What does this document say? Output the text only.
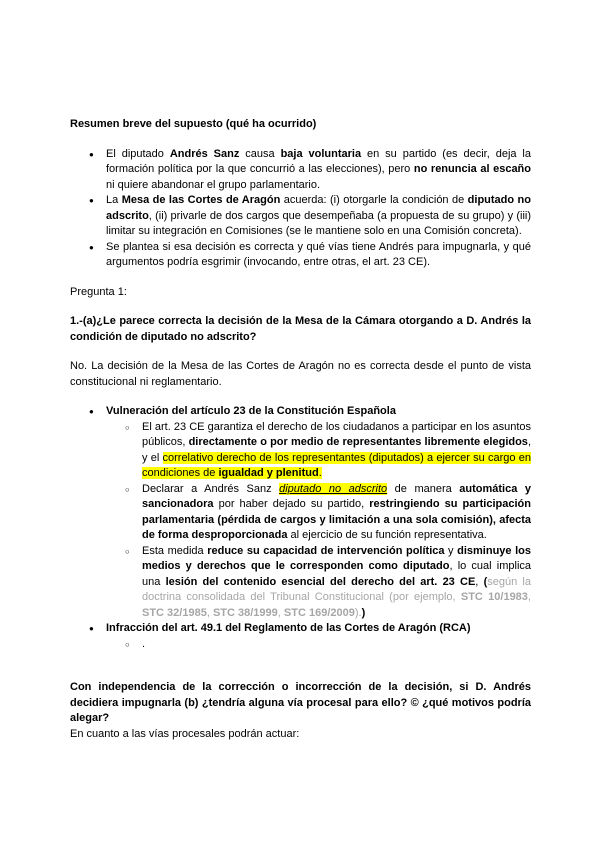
Resumen breve del supuesto (qué ha ocurrido)
● El diputado Andrés Sanz causa baja voluntaria en su partido (es decir, deja la formación política por la que concurrió a las elecciones), pero no renuncia al escaño ni quiere abandonar el grupo parlamentario.
● La Mesa de las Cortes de Aragón acuerda: (i) otorgarle la condición de diputado no adscrito, (ii) privarle de dos cargos que desempeñaba (a propuesta de su grupo) y (iii) limitar su integración en Comisiones (se le mantiene solo en una Comisión concreta).
● Se plantea si esa decisión es correcta y qué vías tiene Andrés para impugnarla, y qué argumentos podría esgrimir (invocando, entre otras, el art. 23 CE).
Pregunta 1:
1.-(a)¿Le parece correcta la decisión de la Mesa de la Cámara otorgando a D. Andrés la condición de diputado no adscrito?
No. La decisión de la Mesa de las Cortes de Aragón no es correcta desde el punto de vista constitucional ni reglamentario.
● Vulneración del artículo 23 de la Constitución Española
○ El art. 23 CE garantiza el derecho de los ciudadanos a participar en los asuntos públicos, directamente o por medio de representantes libremente elegidos, y el correlativo derecho de los representantes (diputados) a ejercer su cargo en condiciones de igualdad y plenitud.
○ Declarar a Andrés Sanz diputado no adscrito de manera automática y sancionadora por haber dejado su partido, restringiendo su participación parlamentaria (pérdida de cargos y limitación a una sola comisión), afecta de forma desproporcionada al ejercicio de su función representativa.
○ Esta medida reduce su capacidad de intervención política y disminuye los medios y derechos que le corresponden como diputado, lo cual implica una lesión del contenido esencial del derecho del art. 23 CE, (según la doctrina consolidada del Tribunal Constitucional (por ejemplo, STC 10/1983, STC 32/1985, STC 38/1999, STC 169/2009).)
● Infracción del art. 49.1 del Reglamento de las Cortes de Aragón (RCA)
○ .
Con independencia de la corrección o incorrección de la decisión, si D. Andrés decidiera impugnarla (b) ¿tendría alguna vía procesal para ello? © ¿qué motivos podría alegar?
En cuanto a las vías procesales podrán actuar:
